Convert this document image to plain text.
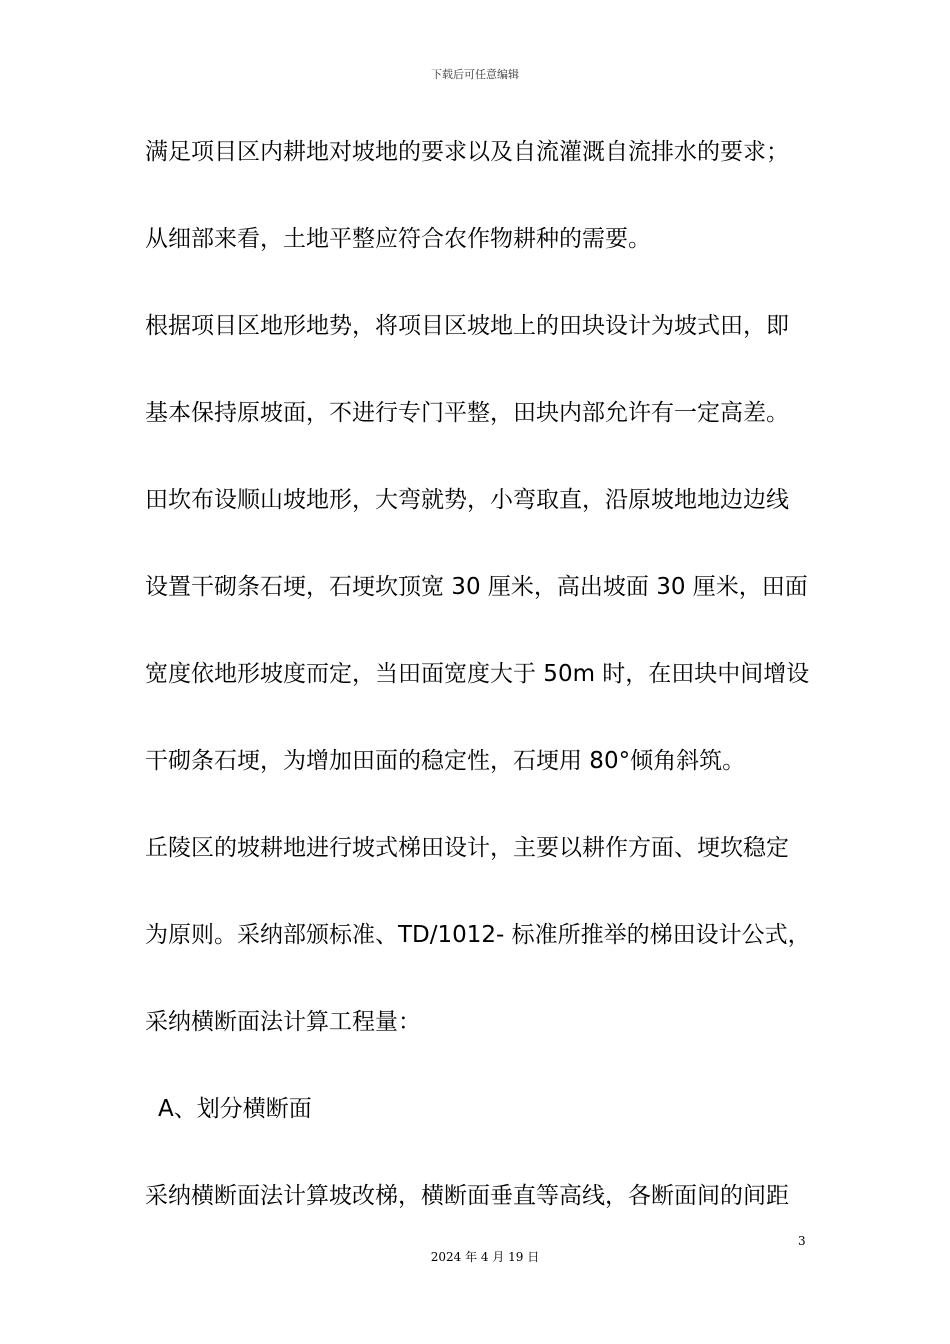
下载后可任意编辑
满足项目区内耕地对坡地的要求以及自流灌溉自流排水的要求；
从细部来看，土地平整应符合农作物耕种的需要。
根据项目区地形地势，将项目区坡地上的田块设计为坡式田，即
基本保持原坡面，不进行专门平整，田块内部允许有一定高差。
田坎布设顺山坡地形，大弯就势，小弯取直，沿原坡地地边边线
设置干砌条石埂，石埂坎顶宽 30 厘米，高出坡面 30 厘米，田面
宽度依地形坡度而定，当田面宽度大于 50m 时，在田块中间增设
干砌条石埂，为增加田面的稳定性，石埂用 80°倾角斜筑。
丘陵区的坡耕地进行坡式梯田设计，主要以耕作方面、埂坎稳定
为原则。采纳部颁标准、TD/1012- 标准所推举的梯田设计公式，
采纳横断面法计算工程量：
A、划分横断面
采纳横断面法计算坡改梯，横断面垂直等高线，各断面间的间距
3
2024 年 4 月 19 日
